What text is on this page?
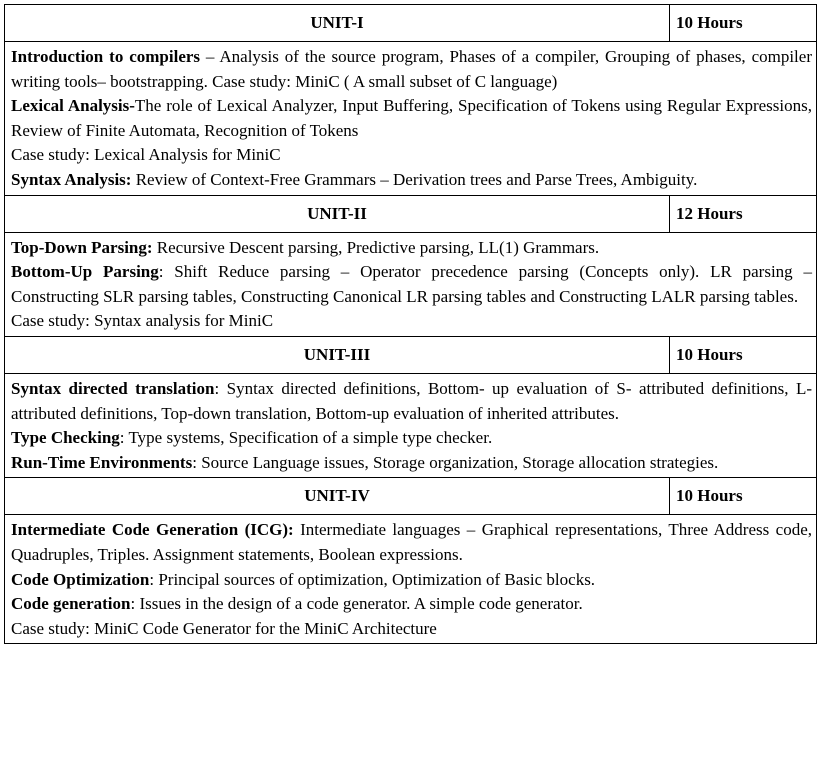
UNIT-I	10 Hours

Introduction to compilers – Analysis of the source program, Phases of a compiler, Grouping of phases, compiler writing tools– bootstrapping. Case study: MiniC ( A small subset of C language)

Lexical Analysis-The role of Lexical Analyzer, Input Buffering, Specification of Tokens using Regular Expressions, Review of Finite Automata, Recognition of Tokens

Case study: Lexical Analysis for MiniC

Syntax Analysis: Review of Context-Free Grammars – Derivation trees and Parse Trees, Ambiguity.	

UNIT-II	12 Hours

Top-Down Parsing: Recursive Descent parsing, Predictive parsing, LL(1) Grammars.

Bottom-Up Parsing: Shift Reduce parsing – Operator precedence parsing (Concepts only). LR parsing – Constructing SLR parsing tables, Constructing Canonical LR parsing tables and Constructing LALR parsing tables.

Case study: Syntax analysis for MiniC	

UNIT-III	10 Hours

Syntax directed translation: Syntax directed definitions, Bottom- up evaluation of S- attributed definitions, L- attributed definitions, Top-down translation, Bottom-up evaluation of inherited attributes.

Type Checking: Type systems, Specification of a simple type checker.

Run-Time Environments: Source Language issues, Storage organization, Storage allocation strategies.	

UNIT-IV	10 Hours

Intermediate Code Generation (ICG): Intermediate languages – Graphical representations, Three Address code, Quadruples, Triples. Assignment statements, Boolean expressions.

Code Optimization: Principal sources of optimization, Optimization of Basic blocks.

Code generation: Issues in the design of a code generator. A simple code generator.

Case study: MiniC Code Generator for the MiniC Architecture	
